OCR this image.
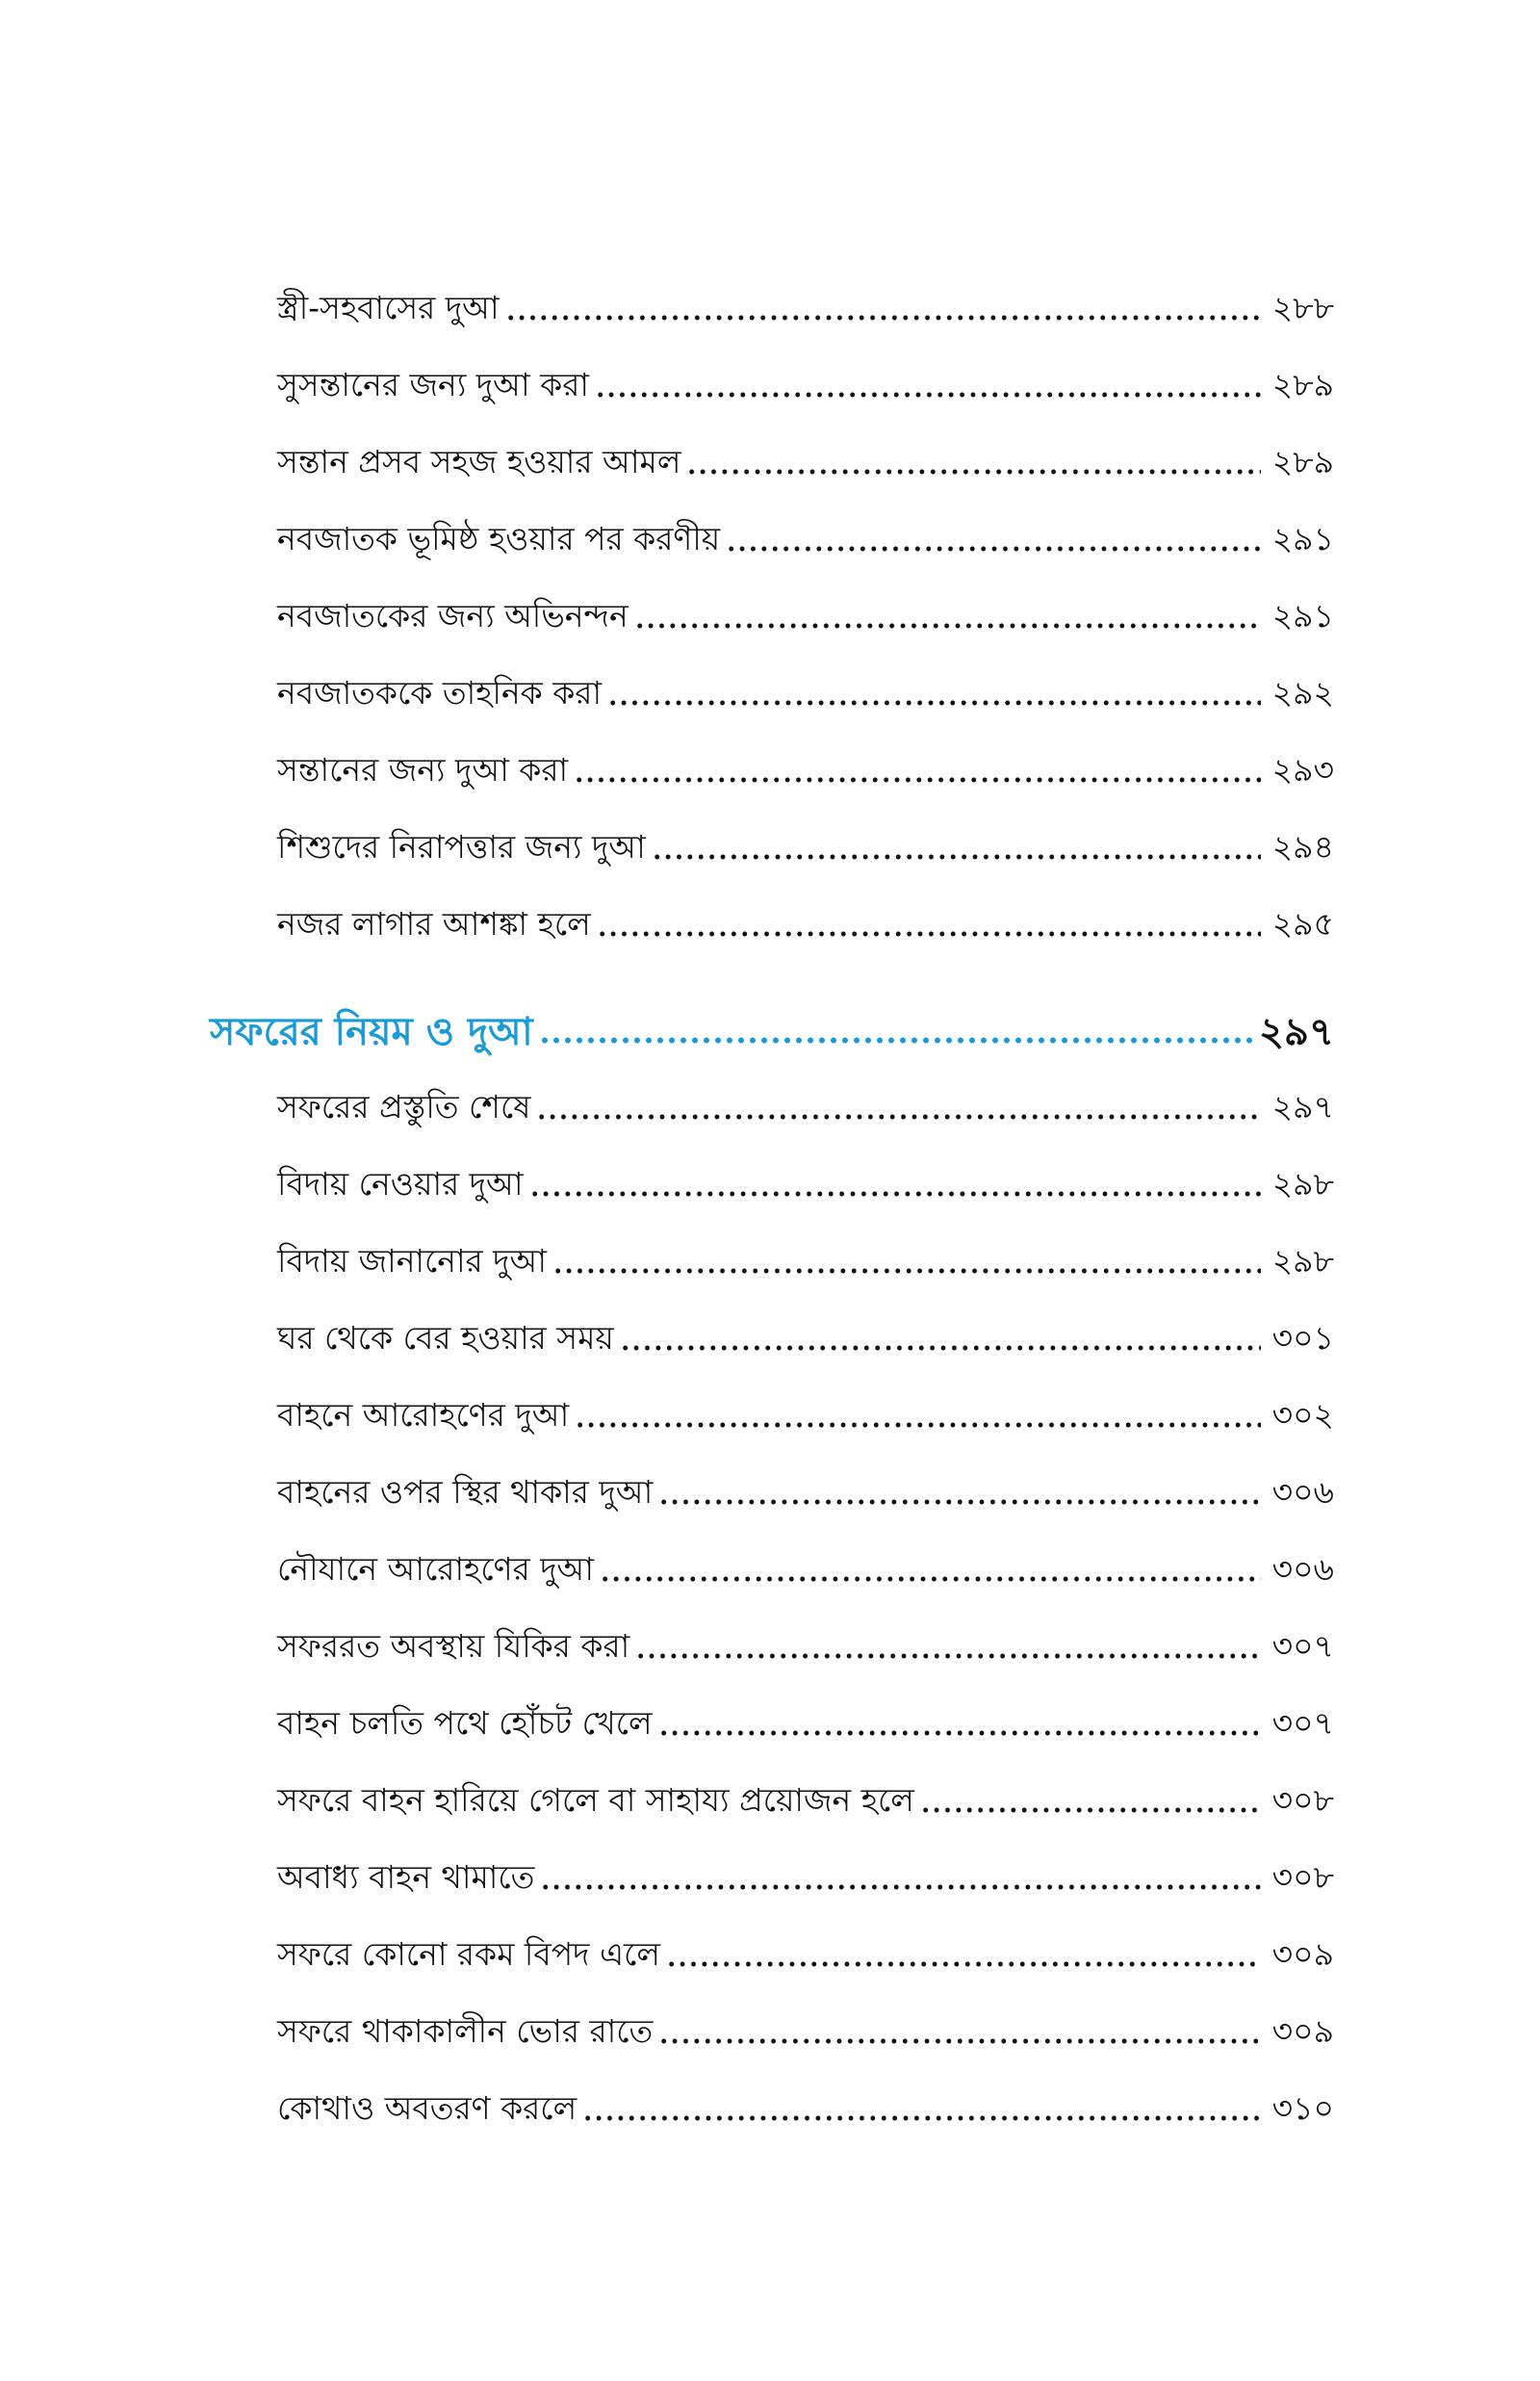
স্ত্রী-সহবাসের দুআ	২৮৮
সুসন্তানের জন্য দুআ করা	২৮৯
সন্তান প্রসব সহজ হওয়ার আমল	২৮৯
নবজাতক ভূমিষ্ঠ হওয়ার পর করণীয়	২৯১
নবজাতকের জন্য অভিনন্দন	২৯১
নবজাতককে তাহনিক করা	২৯২
সন্তানের জন্য দুআ করা	২৯৩
শিশুদের নিরাপত্তার জন্য দুআ	২৯৪
নজর লাগার আশঙ্কা হলে	২৯৫
সফরের নিয়ম ও দুআ	২৯৭
সফরের প্রস্তুতি শেষে	২৯৭
বিদায় নেওয়ার দুআ	২৯৮
বিদায় জানানোর দুআ	২৯৮
ঘর থেকে বের হওয়ার সময়	৩০১
বাহনে আরোহণের দুআ	৩০২
বাহনের ওপর স্থির থাকার দুআ	৩০৬
নৌযানে আরোহণের দুআ	৩০৬
সফররত অবস্থায় যিকির করা	৩০৭
বাহন চলতি পথে হোঁচট খেলে	৩০৭
সফরে বাহন হারিয়ে গেলে বা সাহায্য প্রয়োজন হলে	৩০৮
অবাধ্য বাহন থামাতে	৩০৮
সফরে কোনো রকম বিপদ এলে	৩০৯
সফরে থাকাকালীন ভোর রাতে	৩০৯
কোথাও অবতরণ করলে	৩১০
